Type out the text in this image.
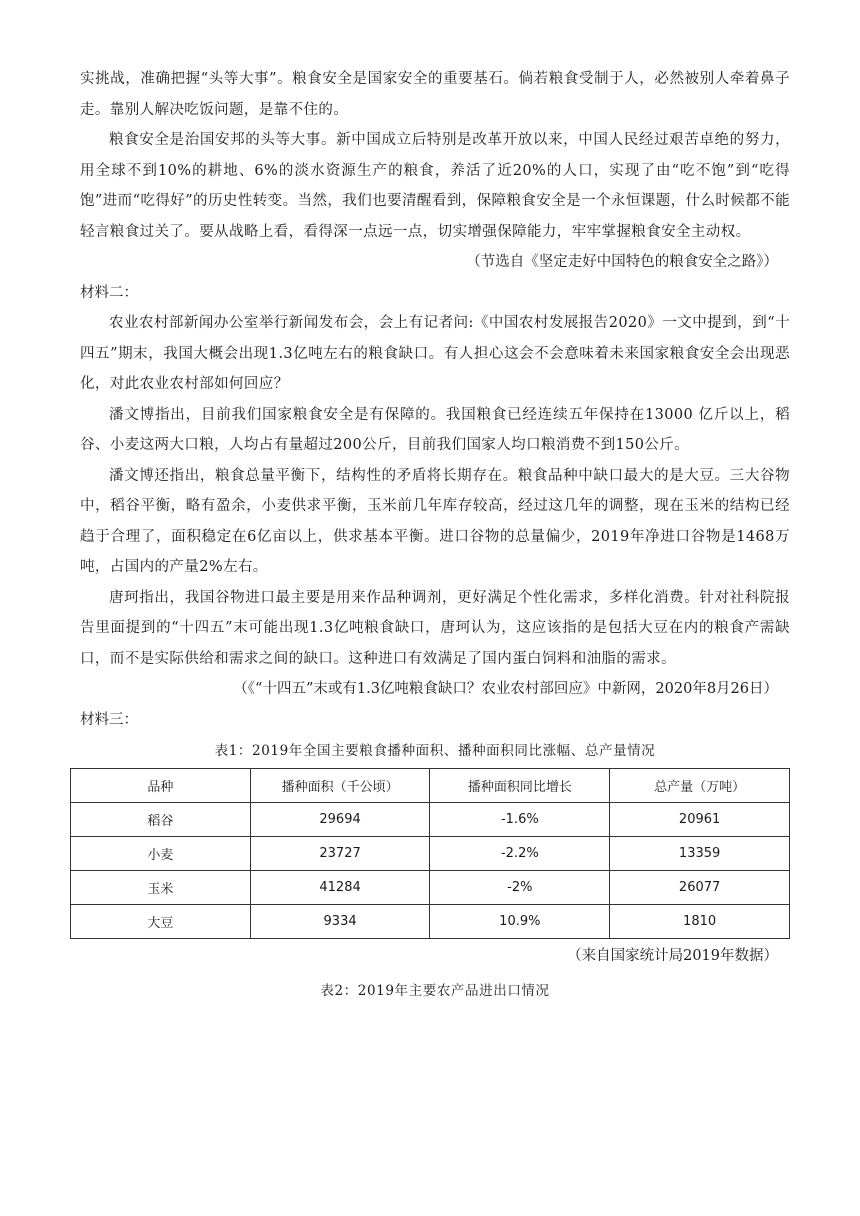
实挑战，准确把握“头等大事”。粮食安全是国家安全的重要基石。倘若粮食受制于人，必然被别人牵着鼻子走。靠别人解决吃饭问题，是靠不住的。

粮食安全是治国安邦的头等大事。新中国成立后特别是改革开放以来，中国人民经过艰苦卓绝的努力，用全球不到10%的耕地、6%的淡水资源生产的粮食，养活了近20%的人口，实现了由“吃不饱”到“吃得饱”进而“吃得好”的历史性转变。当然，我们也要清醒看到，保障粮食安全是一个永恒课题，什么时候都不能轻言粮食过关了。要从战略上看，看得深一点远一点，切实增强保障能力，牢牢掌握粮食安全主动权。

（节选自《坚定走好中国特色的粮食安全之路》）

材料二：

农业农村部新闻办公室举行新闻发布会，会上有记者问:《中国农村发展报告2020》一文中提到，到“十四五”期末，我国大概会出现1.3亿吨左右的粮食缺口。有人担心这会不会意味着未来国家粮食安全会出现恶化，对此农业农村部如何回应？

潘文博指出，目前我们国家粮食安全是有保障的。我国粮食已经连续五年保持在13000 亿斤以上，稻谷、小麦这两大口粮，人均占有量超过200公斤，目前我们国家人均口粮消费不到150公斤。

潘文博还指出，粮食总量平衡下，结构性的矛盾将长期存在。粮食品种中缺口最大的是大豆。三大谷物中，稻谷平衡，略有盈余，小麦供求平衡，玉米前几年库存较高，经过这几年的调整，现在玉米的结构已经趋于合理了，面积稳定在6亿亩以上，供求基本平衡。进口谷物的总量偏少，2019年净进口谷物是1468万吨，占国内的产量2%左右。

唐珂指出，我国谷物进口最主要是用来作品种调剂，更好满足个性化需求，多样化消费。针对社科院报告里面提到的“十四五”末可能出现1.3亿吨粮食缺口，唐珂认为，这应该指的是包括大豆在内的粮食产需缺口，而不是实际供给和需求之间的缺口。这种进口有效满足了国内蛋白饲料和油脂的需求。

（《“十四五”末或有1.3亿吨粮食缺口？农业农村部回应》中新网，2020年8月26日）

材料三：

表1：2019年全国主要粮食播种面积、播种面积同比涨幅、总产量情况
品种	播种面积（千公顷）	播种面积同比增长	总产量（万吨）
稻谷	29694	-1.6%	20961
小麦	23727	-2.2%	13359
玉米	41284	-2%	26077
大豆	9334	10.9%	1810

（来自国家统计局2019年数据）

表2：2019年主要农产品进出口情况
